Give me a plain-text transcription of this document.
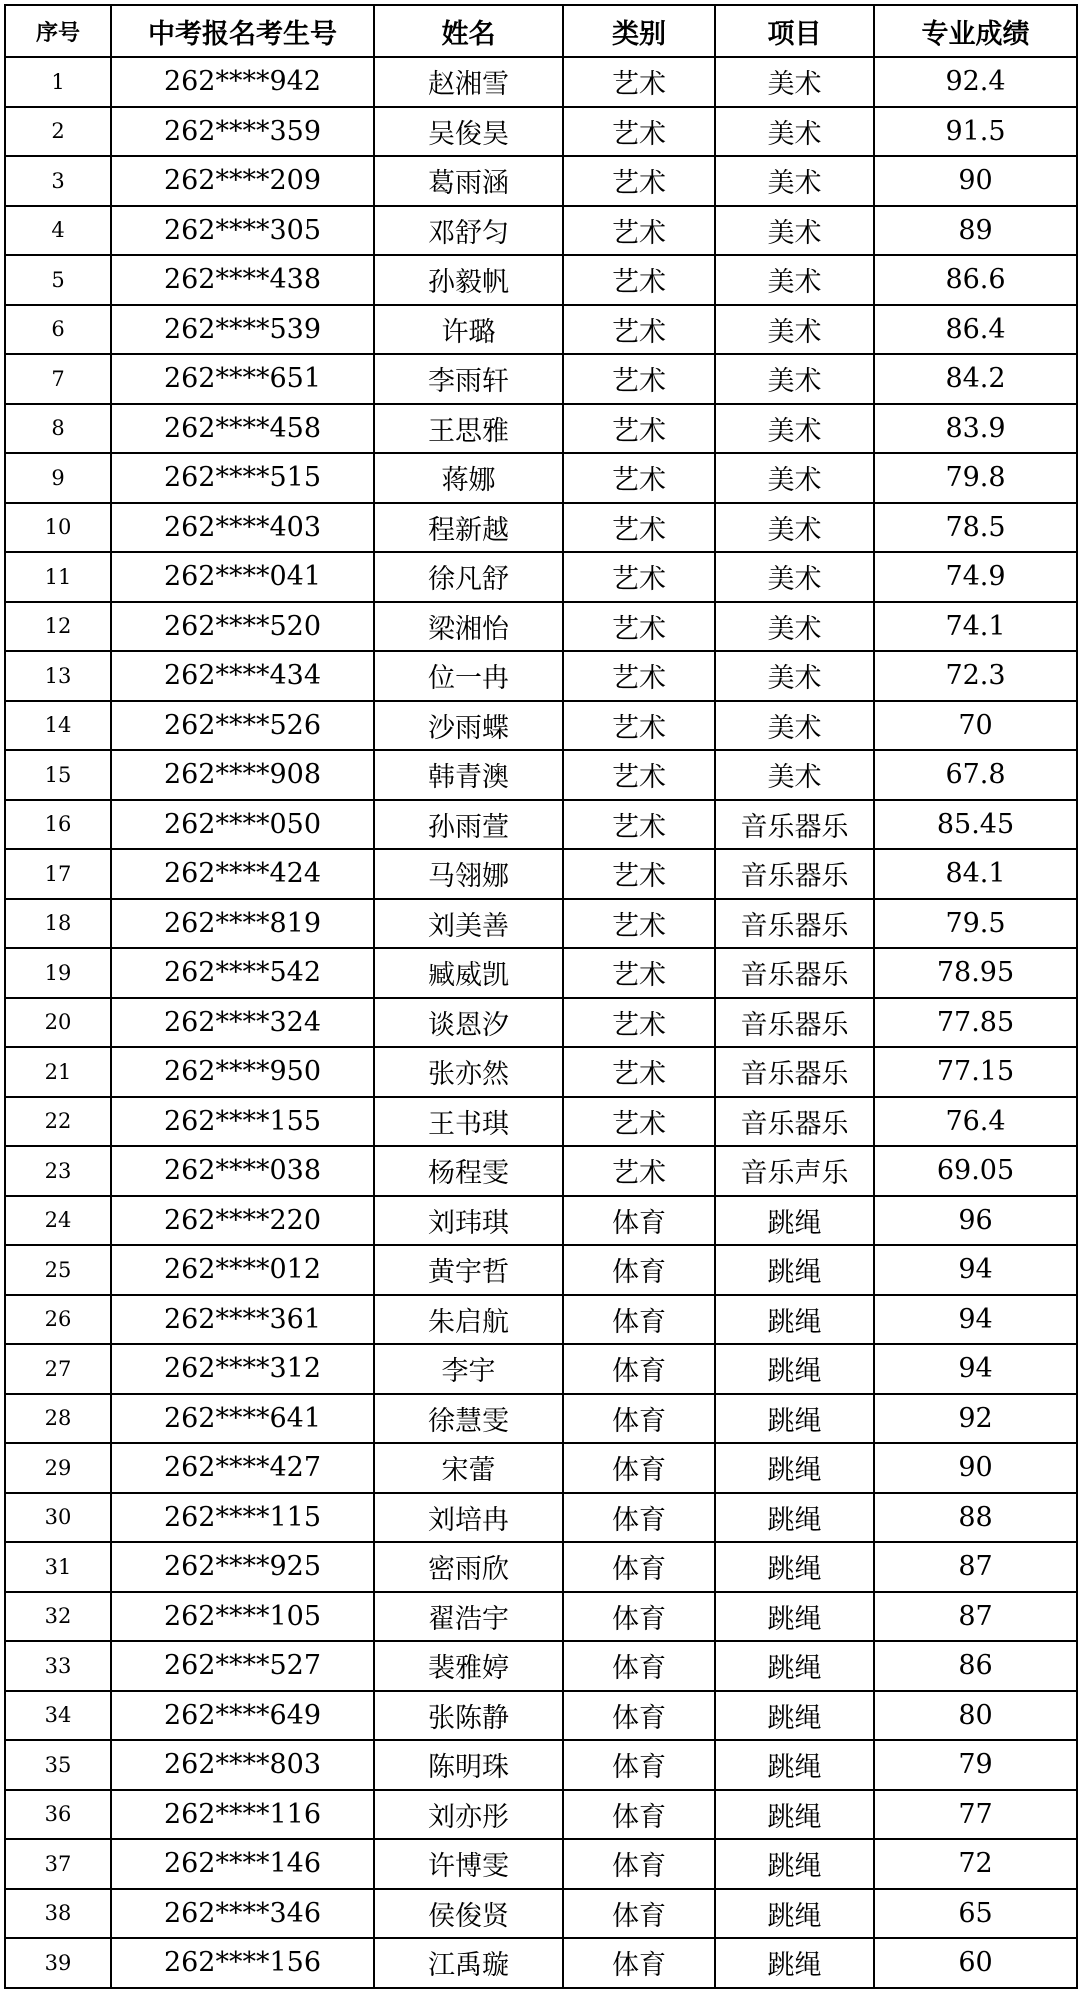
序号	中考报名考生号	姓名	类别	项目	专业成绩
1	262****942	赵湘雪	艺术	美术	92.4
2	262****359	吴俊昊	艺术	美术	91.5
3	262****209	葛雨涵	艺术	美术	90
4	262****305	邓舒匀	艺术	美术	89
5	262****438	孙毅帆	艺术	美术	86.6
6	262****539	许璐	艺术	美术	86.4
7	262****651	李雨轩	艺术	美术	84.2
8	262****458	王思雅	艺术	美术	83.9
9	262****515	蒋娜	艺术	美术	79.8
10	262****403	程新越	艺术	美术	78.5
11	262****041	徐凡舒	艺术	美术	74.9
12	262****520	梁湘怡	艺术	美术	74.1
13	262****434	位一冉	艺术	美术	72.3
14	262****526	沙雨蝶	艺术	美术	70
15	262****908	韩青澳	艺术	美术	67.8
16	262****050	孙雨萱	艺术	音乐器乐	85.45
17	262****424	马翎娜	艺术	音乐器乐	84.1
18	262****819	刘美善	艺术	音乐器乐	79.5
19	262****542	臧威凯	艺术	音乐器乐	78.95
20	262****324	谈恩汐	艺术	音乐器乐	77.85
21	262****950	张亦然	艺术	音乐器乐	77.15
22	262****155	王书琪	艺术	音乐器乐	76.4
23	262****038	杨程雯	艺术	音乐声乐	69.05
24	262****220	刘玮琪	体育	跳绳	96
25	262****012	黄宇哲	体育	跳绳	94
26	262****361	朱启航	体育	跳绳	94
27	262****312	李宇	体育	跳绳	94
28	262****641	徐慧雯	体育	跳绳	92
29	262****427	宋蕾	体育	跳绳	90
30	262****115	刘培冉	体育	跳绳	88
31	262****925	密雨欣	体育	跳绳	87
32	262****105	翟浩宇	体育	跳绳	87
33	262****527	裴雅婷	体育	跳绳	86
34	262****649	张陈静	体育	跳绳	80
35	262****803	陈明珠	体育	跳绳	79
36	262****116	刘亦彤	体育	跳绳	77
37	262****146	许博雯	体育	跳绳	72
38	262****346	侯俊贤	体育	跳绳	65
39	262****156	江禹璇	体育	跳绳	60
